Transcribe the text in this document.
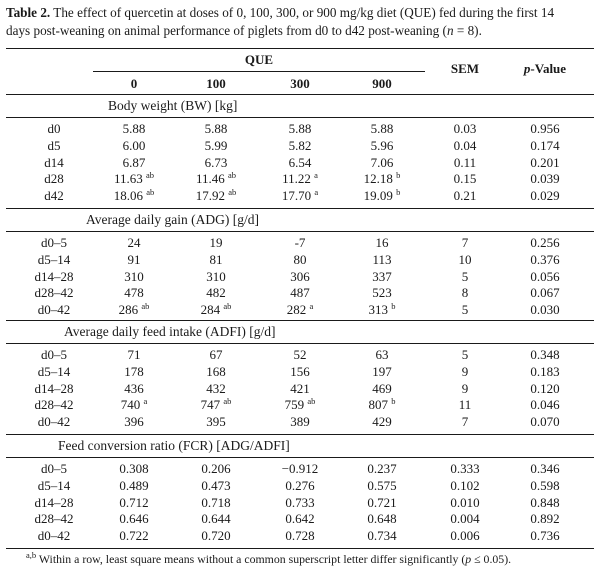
Table 2. The effect of quercetin at doses of 0, 100, 300, or 900 mg/kg diet (QUE) fed during the first 14
days post-weaning on animal performance of piglets from d0 to d42 post-weaning (n = 8).
QUE
0	100	300	900
SEM	p-Value
Body weight (BW) [kg]
d0	5.88	5.88	5.88	5.88	0.03	0.956
d5	6.00	5.99	5.82	5.96	0.04	0.174
d14	6.87	6.73	6.54	7.06	0.11	0.201
d28	11.63 $^{ab}$	11.46 $^{ab}$	11.22 $^a$	12.18 $^b$	0.15	0.039
d42	18.06 $^{ab}$	17.92 $^{ab}$	17.70 $^a$	19.09 $^b$	0.21	0.029
Average daily gain (ADG) [g/d]
d0–5	24	19	-7	16	7	0.256
d5–14	91	81	80	113	10	0.376
d14–28	310	310	306	337	5	0.056
d28–42	478	482	487	523	8	0.067
d0–42	286 $^{ab}$	284 $^{ab}$	282 $^a$	313 $^b$	5	0.030
Average daily feed intake (ADFI) [g/d]
d0–5	71	67	52	63	5	0.348
d5–14	178	168	156	197	9	0.183
d14–28	436	432	421	469	9	0.120
d28–42	740 $^a$	747 $^{ab}$	759 $^{ab}$	807 $^b$	11	0.046
d0–42	396	395	389	429	7	0.070
Feed conversion ratio (FCR) [ADG/ADFI]
d0–5	0.308	0.206	−0.912	0.237	0.333	0.346
d5–14	0.489	0.473	0.276	0.575	0.102	0.598
d14–28	0.712	0.718	0.733	0.721	0.010	0.848
d28–42	0.646	0.644	0.642	0.648	0.004	0.892
d0–42	0.722	0.720	0.728	0.734	0.006	0.736
$^{a,b}$ Within a row, least square means without a common superscript letter differ significantly (p ≤ 0.05).
